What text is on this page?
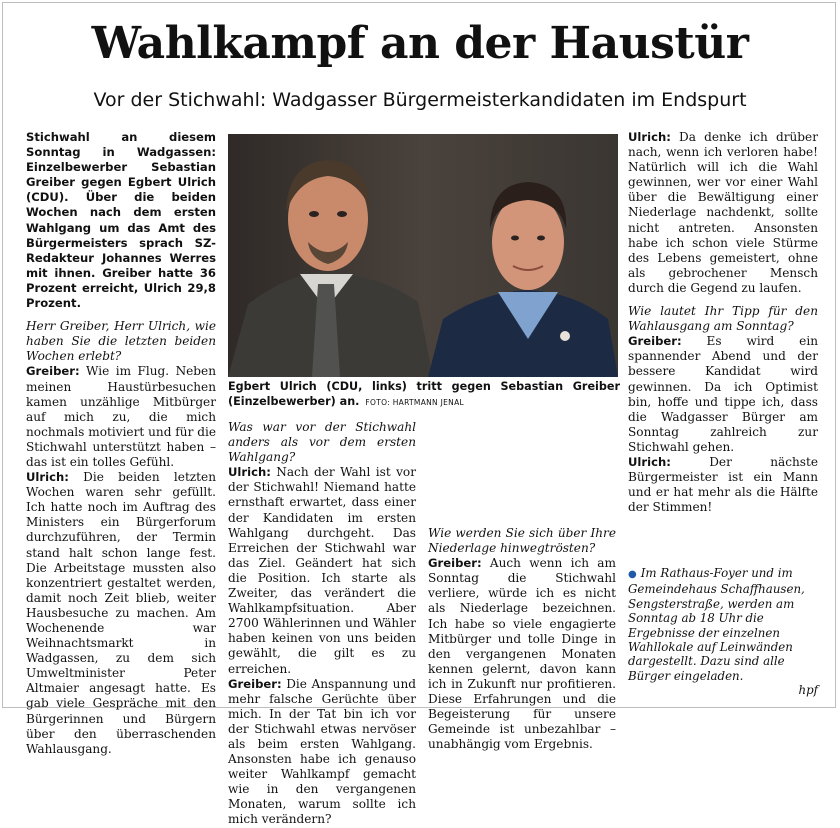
Wahlkampf an der Haustür
Vor der Stichwahl: Wadgasser Bürgermeisterkandidaten im Endspurt

Stichwahl an diesem Sonntag in Wadgassen: Einzelbewerber Sebastian Greiber gegen Egbert Ulrich (CDU). Über die beiden Wochen nach dem ersten Wahlgang um das Amt des Bürgermeisters sprach SZ-Redakteur Johannes Werres mit ihnen. Greiber hatte 36 Prozent erreicht, Ulrich 29,8 Prozent.

Herr Greiber, Herr Ulrich, wie haben Sie die letzten beiden Wochen erlebt?

Greiber: Wie im Flug. Neben meinen Haustürbesuchen kamen unzählige Mitbürger auf mich zu, die mich nochmals motiviert und für die Stichwahl unterstützt haben – das ist ein tolles Gefühl.

Ulrich: Die beiden letzten Wochen waren sehr gefüllt. Ich hatte noch im Auftrag des Ministers ein Bürgerforum durchzuführen, der Termin stand halt schon lange fest. Die Arbeitstage mussten also konzentriert gestaltet werden, damit noch Zeit blieb, weiter Hausbesuche zu machen. Am Wochenende war Weihnachtsmarkt in Wadgassen, zu dem sich Umweltminister Peter Altmaier angesagt hatte. Es gab viele Gespräche mit den Bürgerinnen und Bürgern über den überraschenden Wahlausgang.

Egbert Ulrich (CDU, links) tritt gegen Sebastian Greiber (Einzelbewerber) an. FOTO: HARTMANN JENAL

Was war vor der Stichwahl anders als vor dem ersten Wahlgang?

Ulrich: Nach der Wahl ist vor der Stichwahl! Niemand hatte ernsthaft erwartet, dass einer der Kandidaten im ersten Wahlgang durchgeht. Das Erreichen der Stichwahl war das Ziel. Geändert hat sich die Position. Ich starte als Zweiter, das verändert die Wahlkampfsituation. Aber 2700 Wählerinnen und Wähler haben keinen von uns beiden gewählt, die gilt es zu erreichen.

Greiber: Die Anspannung und mehr falsche Gerüchte über mich. In der Tat bin ich vor der Stichwahl etwas nervöser als beim ersten Wahlgang. Ansonsten habe ich genauso weiter Wahlkampf gemacht wie in den vergangenen Monaten, warum sollte ich mich verändern?

Wie werden Sie sich über Ihre Niederlage hinwegtrösten?

Greiber: Auch wenn ich am Sonntag die Stichwahl verliere, würde ich es nicht als Niederlage bezeichnen. Ich habe so viele engagierte Mitbürger und tolle Dinge in den vergangenen Monaten kennen gelernt, davon kann ich in Zukunft nur profitieren. Diese Erfahrungen und die Begeisterung für unsere Gemeinde ist unbezahlbar – unabhängig vom Ergebnis.

Ulrich: Da denke ich drüber nach, wenn ich verloren habe! Natürlich will ich die Wahl gewinnen, wer vor einer Wahl über die Bewältigung einer Niederlage nachdenkt, sollte nicht antreten. Ansonsten habe ich schon viele Stürme des Lebens gemeistert, ohne als gebrochener Mensch durch die Gegend zu laufen.

Wie lautet Ihr Tipp für den Wahlausgang am Sonntag?

Greiber: Es wird ein spannender Abend und der bessere Kandidat wird gewinnen. Da ich Optimist bin, hoffe und tippe ich, dass die Wadgasser Bürger am Sonntag zahlreich zur Stichwahl gehen.

Ulrich:	Der nächste Bürgermeister ist ein Mann und er hat mehr als die Hälfte der Stimmen!

● Im Rathaus-Foyer und im Gemeindehaus Schaffhausen, Sengsterstraße, werden am Sonntag ab 18 Uhr die Ergebnisse der einzelnen Wahllokale auf Leinwänden dargestellt. Dazu sind alle Bürger eingeladen.
hpf
